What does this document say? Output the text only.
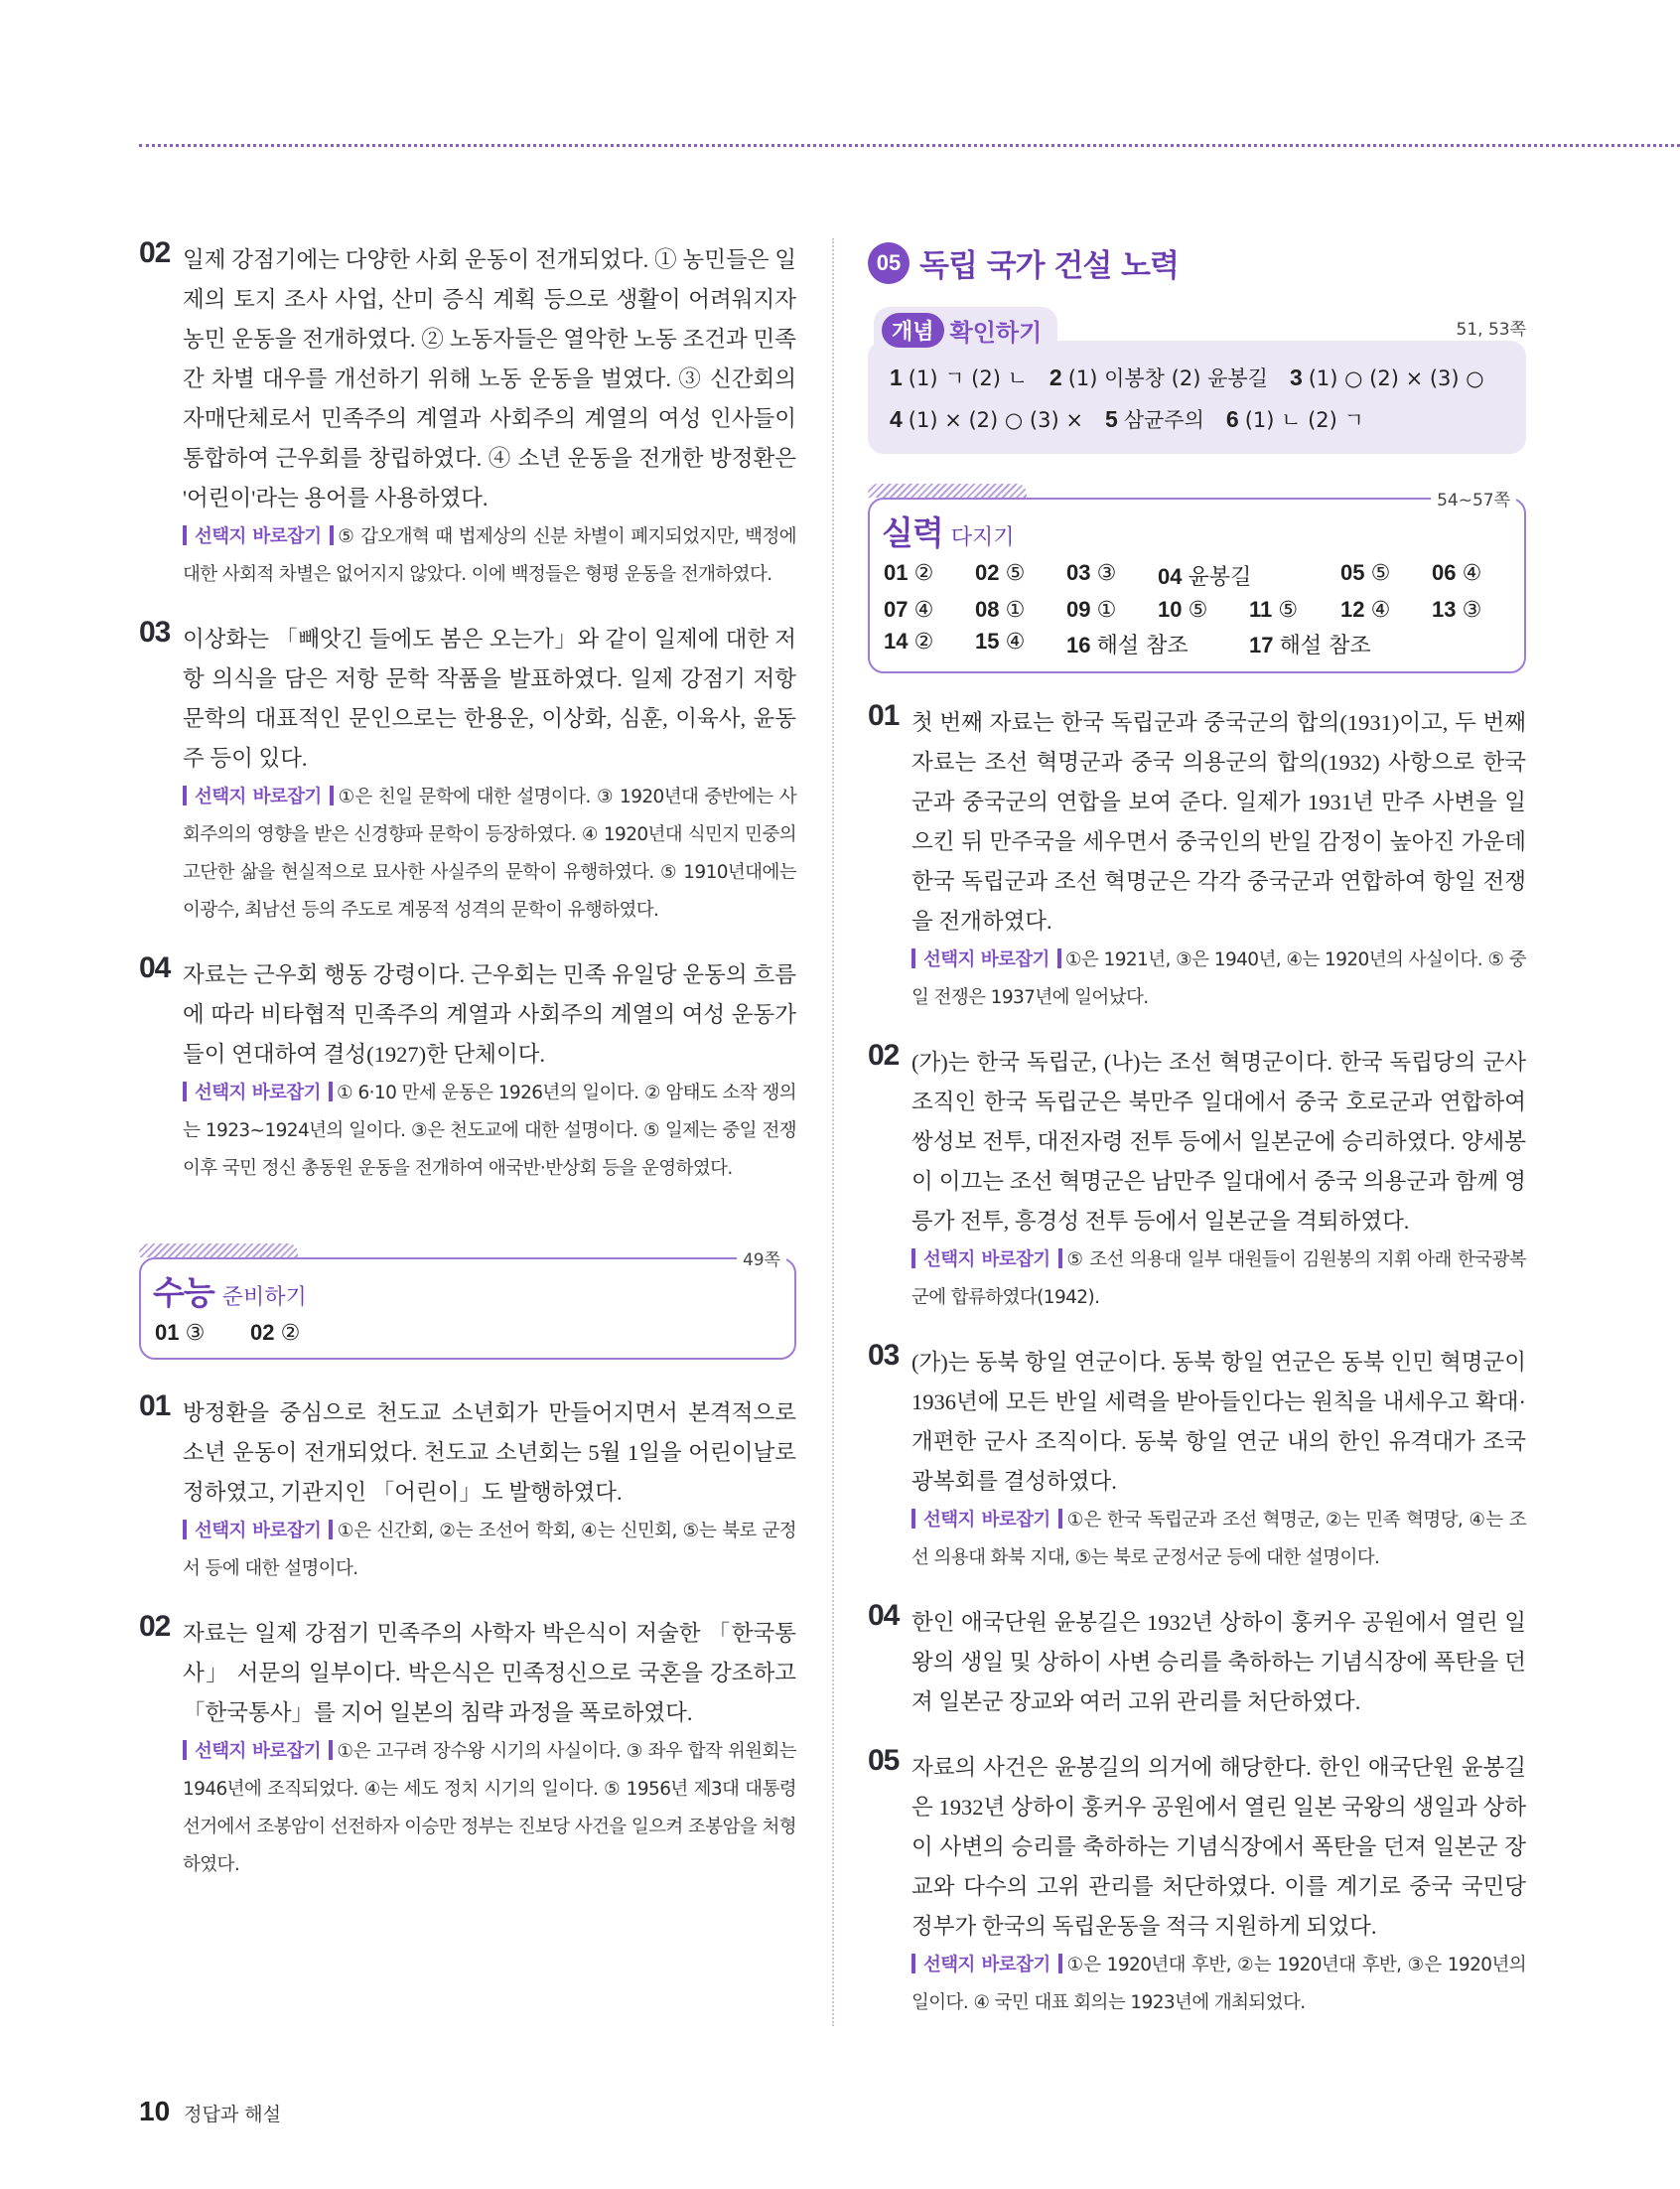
02 일제 강점기에는 다양한 사회 운동이 전개되었다. ① 농민들은 일제의 토지 조사 사업, 산미 증식 계획 등으로 생활이 어려워지자 농민 운동을 전개하였다. ② 노동자들은 열악한 노동 조건과 민족 간 차별 대우를 개선하기 위해 노동 운동을 벌였다. ③ 신간회의 자매단체로서 민족주의 계열과 사회주의 계열의 여성 인사들이 통합하여 근우회를 창립하였다. ④ 소년 운동을 전개한 방정환은 '어린이'라는 용어를 사용하였다.
선택지 바로잡기 ⑤ 갑오개혁 때 법제상의 신분 차별이 폐지되었지만, 백정에 대한 사회적 차별은 없어지지 않았다. 이에 백정들은 형평 운동을 전개하였다.
03 이상화는 「빼앗긴 들에도 봄은 오는가」와 같이 일제에 대한 저항 의식을 담은 저항 문학 작품을 발표하였다. 일제 강점기 저항 문학의 대표적인 문인으로는 한용운, 이상화, 심훈, 이육사, 윤동주 등이 있다.
선택지 바로잡기 ①은 친일 문학에 대한 설명이다. ③ 1920년대 중반에는 사회주의의 영향을 받은 신경향파 문학이 등장하였다. ④ 1920년대 식민지 민중의 고단한 삶을 현실적으로 묘사한 사실주의 문학이 유행하였다. ⑤ 1910년대에는 이광수, 최남선 등의 주도로 계몽적 성격의 문학이 유행하였다.
04 자료는 근우회 행동 강령이다. 근우회는 민족 유일당 운동의 흐름에 따라 비타협적 민족주의 계열과 사회주의 계열의 여성 운동가들이 연대하여 결성(1927)한 단체이다.
선택지 바로잡기 ① 6·10 만세 운동은 1926년의 일이다. ② 암태도 소작 쟁의는 1923~1924년의 일이다. ③은 천도교에 대한 설명이다. ⑤ 일제는 중일 전쟁 이후 국민 정신 총동원 운동을 전개하여 애국반·반상회 등을 운영하였다.
49쪽
수능 준비하기
01 ③	02 ②
01 방정환을 중심으로 천도교 소년회가 만들어지면서 본격적으로 소년 운동이 전개되었다. 천도교 소년회는 5월 1일을 어린이날로 정하였고, 기관지인 「어린이」도 발행하였다.
선택지 바로잡기 ①은 신간회, ②는 조선어 학회, ④는 신민회, ⑤는 북로 군정서 등에 대한 설명이다.
02 자료는 일제 강점기 민족주의 사학자 박은식이 저술한 「한국통사」 서문의 일부이다. 박은식은 민족정신으로 국혼을 강조하고 「한국통사」를 지어 일본의 침략 과정을 폭로하였다.
선택지 바로잡기 ①은 고구려 장수왕 시기의 사실이다. ③ 좌우 합작 위원회는 1946년에 조직되었다. ④는 세도 정치 시기의 일이다. ⑤ 1956년 제3대 대통령 선거에서 조봉암이 선전하자 이승만 정부는 진보당 사건을 일으켜 조봉암을 처형하였다.
05 독립 국가 건설 노력
개념 확인하기	51, 53쪽
1 (1) ㄱ (2) ㄴ 2 (1) 이봉창 (2) 윤봉길 3 (1) ○ (2) × (3) ○
4 (1) × (2) ○ (3) × 5 삼균주의 6 (1) ㄴ (2) ㄱ
54~57쪽
실력 다지기
01 ②	02 ⑤	03 ③	04 윤봉길	05 ⑤	06 ④
07 ④	08 ①	09 ①	10 ⑤	11 ⑤	12 ④	13 ③
14 ②	15 ④	16 해설 참조	17 해설 참조
01 첫 번째 자료는 한국 독립군과 중국군의 합의(1931)이고, 두 번째 자료는 조선 혁명군과 중국 의용군의 합의(1932) 사항으로 한국군과 중국군의 연합을 보여 준다. 일제가 1931년 만주 사변을 일으킨 뒤 만주국을 세우면서 중국인의 반일 감정이 높아진 가운데 한국 독립군과 조선 혁명군은 각각 중국군과 연합하여 항일 전쟁을 전개하였다.
선택지 바로잡기 ①은 1921년, ③은 1940년, ④는 1920년의 사실이다. ⑤ 중일 전쟁은 1937년에 일어났다.
02 (가)는 한국 독립군, (나)는 조선 혁명군이다. 한국 독립당의 군사 조직인 한국 독립군은 북만주 일대에서 중국 호로군과 연합하여 쌍성보 전투, 대전자령 전투 등에서 일본군에 승리하였다. 양세봉이 이끄는 조선 혁명군은 남만주 일대에서 중국 의용군과 함께 영릉가 전투, 흥경성 전투 등에서 일본군을 격퇴하였다.
선택지 바로잡기 ⑤ 조선 의용대 일부 대원들이 김원봉의 지휘 아래 한국광복군에 합류하였다(1942).
03 (가)는 동북 항일 연군이다. 동북 항일 연군은 동북 인민 혁명군이 1936년에 모든 반일 세력을 받아들인다는 원칙을 내세우고 확대·개편한 군사 조직이다. 동북 항일 연군 내의 한인 유격대가 조국 광복회를 결성하였다.
선택지 바로잡기 ①은 한국 독립군과 조선 혁명군, ②는 민족 혁명당, ④는 조선 의용대 화북 지대, ⑤는 북로 군정서군 등에 대한 설명이다.
04 한인 애국단원 윤봉길은 1932년 상하이 훙커우 공원에서 열린 일왕의 생일 및 상하이 사변 승리를 축하하는 기념식장에 폭탄을 던져 일본군 장교와 여러 고위 관리를 처단하였다.
05 자료의 사건은 윤봉길의 의거에 해당한다. 한인 애국단원 윤봉길은 1932년 상하이 훙커우 공원에서 열린 일본 국왕의 생일과 상하이 사변의 승리를 축하하는 기념식장에서 폭탄을 던져 일본군 장교와 다수의 고위 관리를 처단하였다. 이를 계기로 중국 국민당 정부가 한국의 독립운동을 적극 지원하게 되었다.
선택지 바로잡기 ①은 1920년대 후반, ②는 1920년대 후반, ③은 1920년의 일이다. ④ 국민 대표 회의는 1923년에 개최되었다.
10 정답과 해설
